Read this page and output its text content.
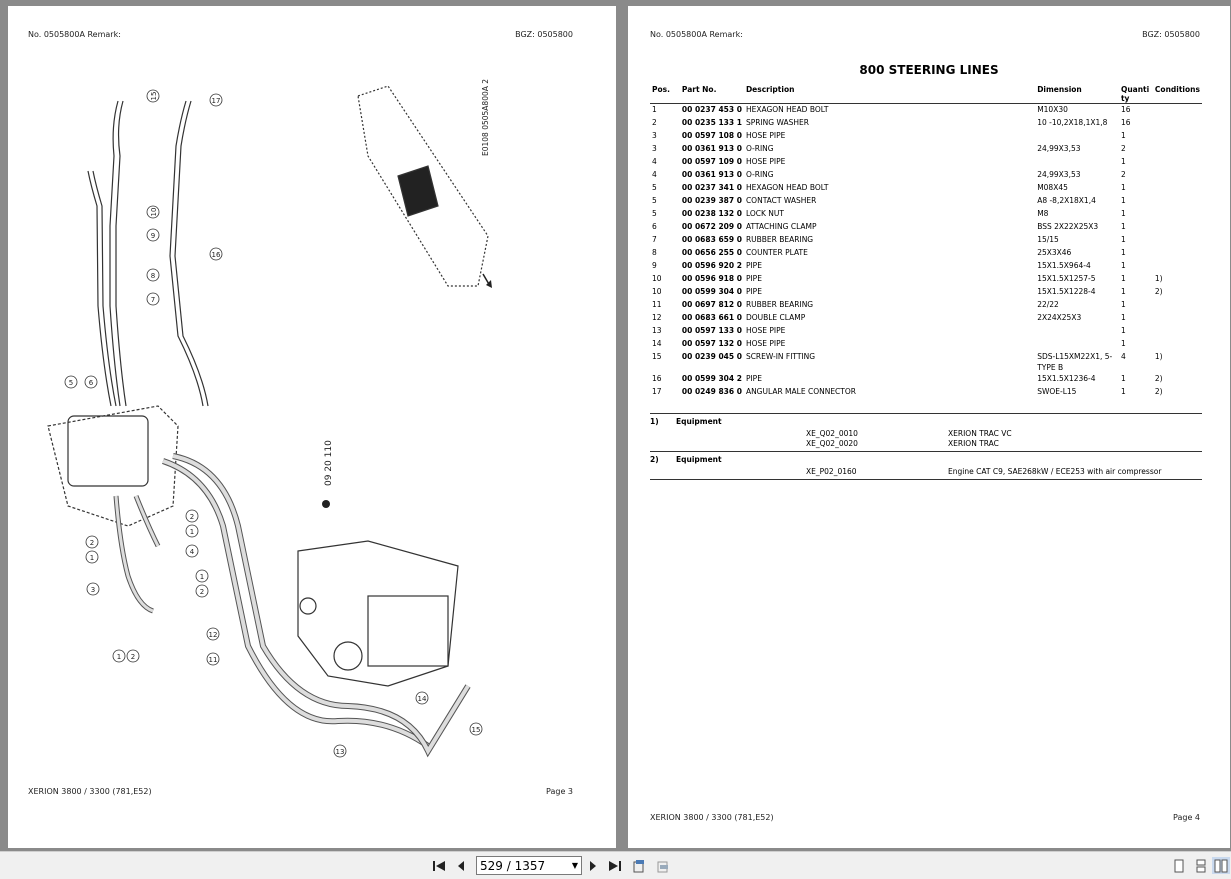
No. 0505800A Remark:	BGZ: 0505800
15
17
10
9
16
8
7
5 6
2
1
4
2
1
1
2
3
1 2
12
11
14
15
13
E0108 0505A800A 2
09 20 110
XERION 3800 / 3300 (781,E52)	Page 3
No. 0505800A Remark:	BGZ: 0505800
800 STEERING LINES
Pos.	Part No.	Description	Dimension	Quanti ty	Conditions
1	00 0237 453 0	HEXAGON HEAD BOLT	M10X30	16	
2	00 0235 133 1	SPRING WASHER	10 -10,2X18,1X1,8	16	
3	00 0597 108 0	HOSE PIPE		1	
3	00 0361 913 0	O-RING	24,99X3,53	2	
4	00 0597 109 0	HOSE PIPE		1	
4	00 0361 913 0	O-RING	24,99X3,53	2	
5	00 0237 341 0	HEXAGON HEAD BOLT	M08X45	1	
5	00 0239 387 0	CONTACT WASHER	A8 -8,2X18X1,4	1	
5	00 0238 132 0	LOCK NUT	M8	1	
6	00 0672 209 0	ATTACHING CLAMP	BSS 2X22X25X3	1	
7	00 0683 659 0	RUBBER BEARING	15/15	1	
8	00 0656 255 0	COUNTER PLATE	25X3X46	1	
9	00 0596 920 2	PIPE	15X1.5X964-4	1	
10	00 0596 918 0	PIPE	15X1.5X1257-5	1	1)
10	00 0599 304 0	PIPE	15X1.5X1228-4	1	2)
11	00 0697 812 0	RUBBER BEARING	22/22	1	
12	00 0683 661 0	DOUBLE CLAMP	2X24X25X3	1	
13	00 0597 133 0	HOSE PIPE		1	
14	00 0597 132 0	HOSE PIPE		1	
15	00 0239 045 0	SCREW-IN FITTING	SDS-L15XM22X1, 5-TYPE B	4	1)
16	00 0599 304 2	PIPE	15X1.5X1236-4	1	2)
17	00 0249 836 0	ANGULAR MALE CONNECTOR	SWOE-L15	1	2)
1)	Equipment
XE_Q02_0010	XERION TRAC VC
XE_Q02_0020	XERION TRAC
2)	Equipment
XE_P02_0160	Engine CAT C9, SAE268kW / ECE253 with air compressor
XERION 3800 / 3300 (781,E52)	Page 4
529 / 1357	▼
